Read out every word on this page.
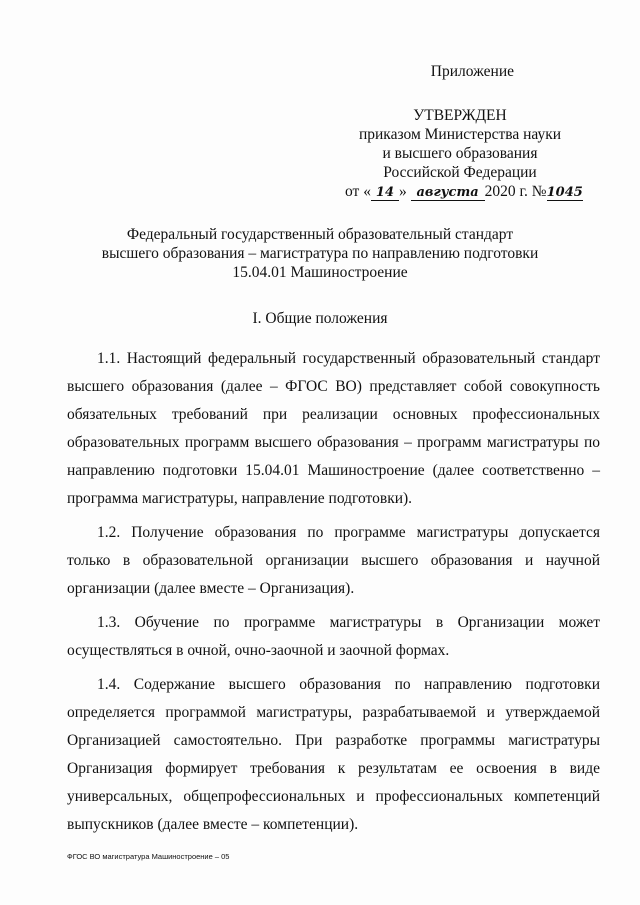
Приложение
УТВЕРЖДЕН
приказом Министерства науки
и высшего образования
Российской Федерации
от « 14 » августа 2020 г. №1045
Федеральный государственный образовательный стандарт
высшего образования – магистратура по направлению подготовки
15.04.01 Машиностроение
I. Общие положения

1.1. Настоящий федеральный государственный образовательный стандарт высшего образования (далее – ФГОС ВО) представляет собой совокупность обязательных требований при реализации основных профессиональных образовательных программ высшего образования – программ магистратуры по направлению подготовки 15.04.01 Машиностроение (далее соответственно – программа магистратуры, направление подготовки).

1.2. Получение образования по программе магистратуры допускается только в образовательной организации высшего образования и научной организации (далее вместе – Организация).

1.3. Обучение по программе магистратуры в Организации может осуществляться в очной, очно-заочной и заочной формах.

1.4. Содержание высшего образования по направлению подготовки определяется программой магистратуры, разрабатываемой и утверждаемой Организацией самостоятельно. При разработке программы магистратуры Организация формирует требования к результатам ее освоения в виде универсальных, общепрофессиональных и профессиональных компетенций выпускников (далее вместе – компетенции).

ФГОС ВО магистратура Машиностроение – 05
